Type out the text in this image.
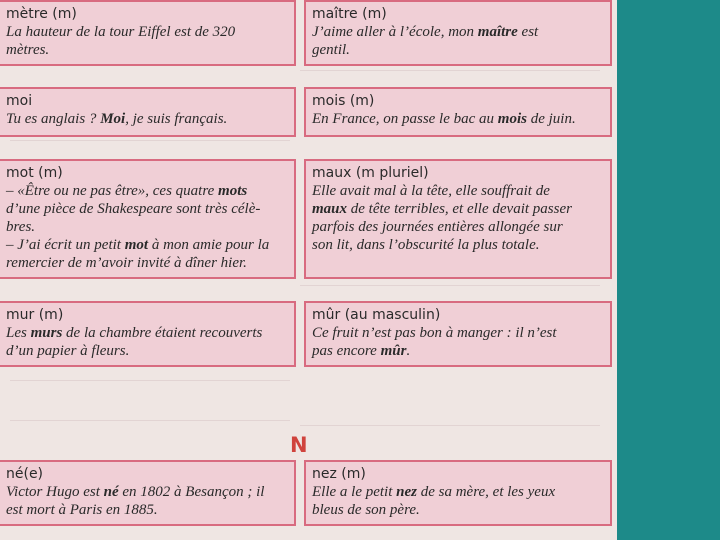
mètre (m)
La hauteur de la tour Eiffel est de 320
mètres.
maître (m)
J’aime aller à l’école, mon maître est
gentil.
moi
Tu es anglais ? Moi, je suis français.
mois (m)
En France, on passe le bac au mois de juin.
mot (m)
– «Être ou ne pas être», ces quatre mots
d’une pièce de Shakespeare sont très célè-
bres.
– J’ai écrit un petit mot à mon amie pour la
remercier de m’avoir invité à dîner hier.
maux (m pluriel)
Elle avait mal à la tête, elle souffrait de
maux de tête terribles, et elle devait passer
parfois des journées entières allongée sur
son lit, dans l’obscurité la plus totale.
mur (m)
Les murs de la chambre étaient recouverts
d’un papier à fleurs.
mûr (au masculin)
Ce fruit n’est pas bon à manger : il n’est
pas encore mûr.
N
né(e)
Victor Hugo est né en 1802 à Besançon ; il
est mort à Paris en 1885.
nez (m)
Elle a le petit nez de sa mère, et les yeux
bleus de son père.
